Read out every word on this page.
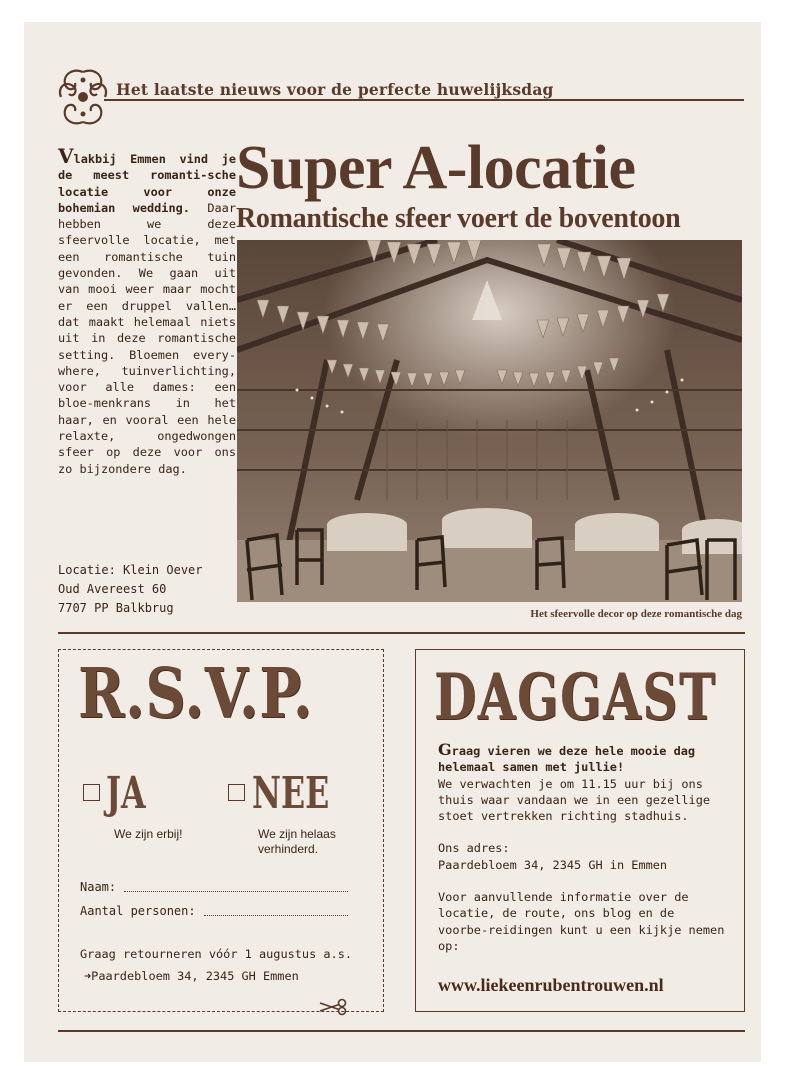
Het laatste nieuws voor de perfecte huwelijksdag
Super A-locatie
Romantische sfeer voert de boventoon
Vlakbij Emmen vind je de meest romanti-sche locatie voor onze bohemian wedding. Daar hebben we deze sfeervolle locatie, met een romantische tuin gevonden. We gaan uit van mooi weer maar mocht er een druppel vallen… dat maakt helemaal niets uit in deze romantische setting. Bloemen every-where, tuinverlichting, voor alle dames: een bloe-menkrans in het haar, en vooral een hele relaxte, ongedwongen sfeer op deze voor ons zo bijzondere dag.
Locatie: Klein Oever
Oud Avereest 60
7707 PP Balkbrug	Het sfeervolle decor op deze romantische dag
R.S.V.P.
JA
We zijn erbij!
NEE
We zijn helaas
verhinderd.
Naam:
Aantal personen:
Graag retourneren vóór 1 augustus a.s.
➜Paardebloem 34, 2345 GH Emmen
DAGGAST

Graag vieren we deze hele mooie dag helemaal samen met jullie!

We verwachten je om 11.15 uur bij ons thuis waar vandaan we in een gezellige stoet vertrekken richting stadhuis.

Ons adres:

Paardebloem 34, 2345 GH in Emmen

Voor aanvullende informatie over de locatie, de route, ons blog en de voorbe-reidingen kunt u een kijkje nemen op:

www.liekeenrubentrouwen.nl
